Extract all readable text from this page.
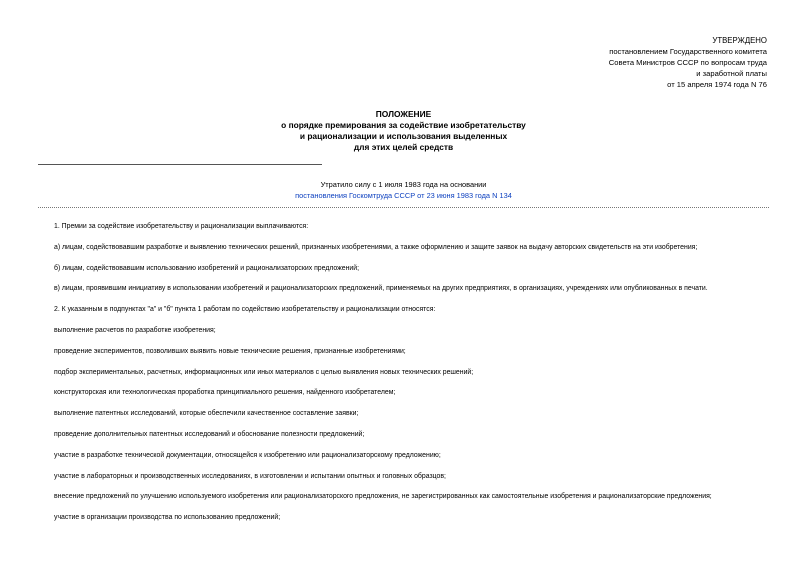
УТВЕРЖДЕНО
постановлением Государственного комитета
Совета Министров СССР по вопросам труда
и заработной платы
от 15 апреля 1974 года N 76
ПОЛОЖЕНИЕ
о порядке премирования за содействие изобретательству
и рационализации и использования выделенных
для этих целей средств
Утратило силу с 1 июля 1983 года на основании
постановления Госкомтруда СССР от 23 июня 1983 года N 134

1. Премии за содействие изобретательству и рационализации выплачиваются:

а) лицам, содействовавшим разработке и выявлению технических решений, признанных изобретениями, а также оформлению и защите заявок на выдачу авторских свидетельств на эти изобретения;

б) лицам, содействовавшим использованию изобретений и рационализаторских предложений;

в) лицам, проявившим инициативу в использовании изобретений и рационализаторских предложений, применяемых на других предприятиях, в организациях, учреждениях или опубликованных в печати.

2. К указанным в подпунктах "а" и "б" пункта 1 работам по содействию изобретательству и рационализации относятся:

выполнение расчетов по разработке изобретения;

проведение экспериментов, позволивших выявить новые технические решения, признанные изобретениями;

подбор экспериментальных, расчетных, информационных или иных материалов с целью выявления новых технических решений;

конструкторская или технологическая проработка принципиального решения, найденного изобретателем;

выполнение патентных исследований, которые обеспечили качественное составление заявки;

проведение дополнительных патентных исследований и обоснование полезности предложений;

участие в разработке технической документации, относящейся к изобретению или рационализаторскому предложению;

участие в лабораторных и производственных исследованиях, в изготовлении и испытании опытных и головных образцов;

внесение предложений по улучшению используемого изобретения или рационализаторского предложения, не зарегистрированных как самостоятельные изобретения и рационализаторские предложения;

участие в организации производства по использованию предложений;
